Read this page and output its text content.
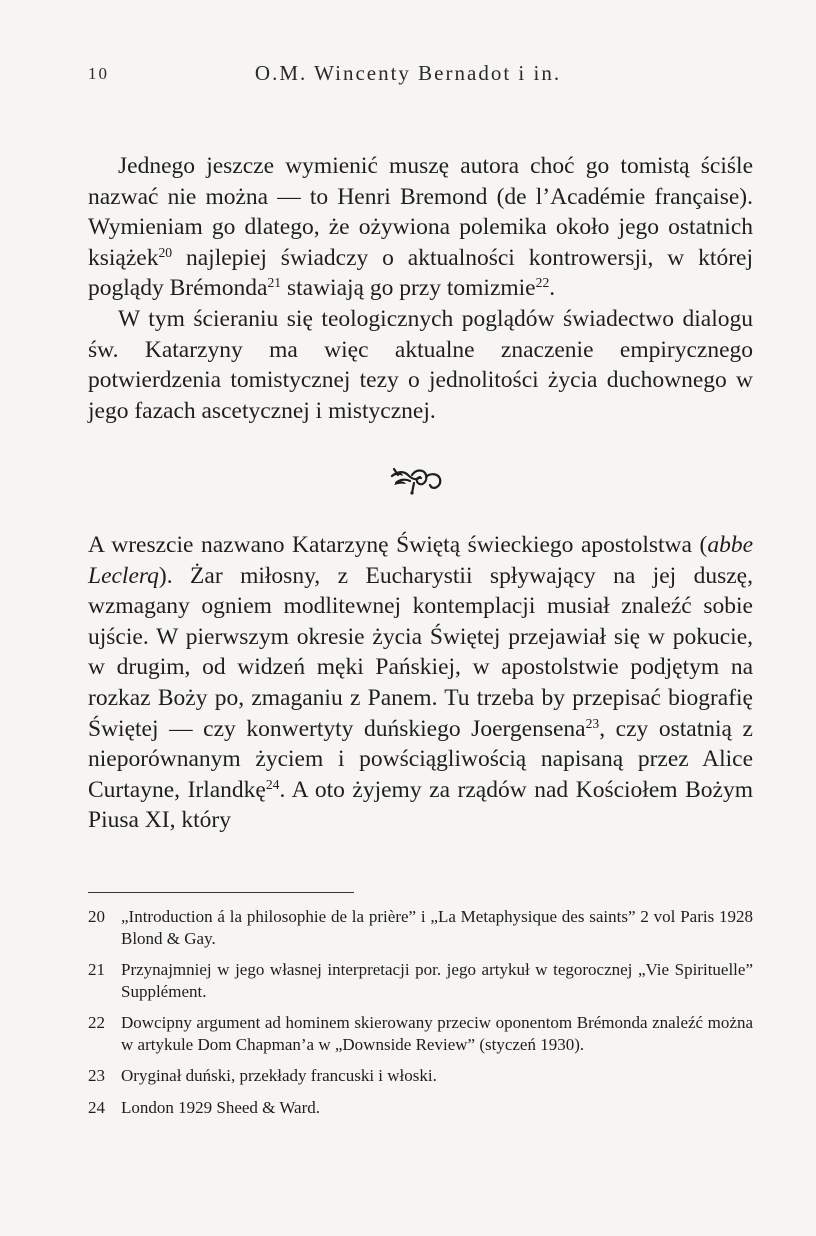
10	O.M. Wincenty Bernadot i in.

Jednego jeszcze wymienić muszę autora choć go tomistą ściśle nazwać nie można — to Henri Bremond (de l’Académie française). Wymieniam go dlatego, że ożywiona polemika około jego ostatnich książek$^{20}$ najlepiej świadczy o aktualności kontrowersji, w której poglądy Brémonda$^{21}$ stawiają go przy tomizmie$^{22}$.

W tym ścieraniu się teologicznych poglądów świadectwo dialogu św. Katarzyny ma więc aktualne znaczenie empirycznego potwierdzenia tomistycznej tezy o jednolitości życia duchownego w jego fazach ascetycznej i mistycznej.

A wreszcie nazwano Katarzynę Świętą świeckiego apostolstwa (abbe Leclerq). Żar miłosny, z Eucharystii spływający na jej duszę, wzmagany ogniem modlitewnej kontemplacji musiał znaleźć sobie ujście. W pierwszym okresie życia Świętej przejawiał się w pokucie, w drugim, od widzeń męki Pańskiej, w apostolstwie podjętym na rozkaz Boży po, zmaganiu z Panem. Tu trzeba by przepisać biografię Świętej — czy konwertyty duńskiego Joergensena$^{23}$, czy ostatnią z nieporównanym życiem i powściągliwością napisaną przez Alice Curtayne, Irlandkę$^{24}$. A oto żyjemy za rządów nad Kościołem Bożym Piusa XI, który

20 „Introduction á la philosophie de la prière” i „La Metaphysique des saints” 2 vol Paris 1928 Blond & Gay.
21 Przynajmniej w jego własnej interpretacji por. jego artykuł w tegorocznej „Vie Spirituelle” Supplément.
22 Dowcipny argument ad hominem skierowany przeciw oponentom Brémonda znaleźć można w artykule Dom Chapman’a w „Downside Review” (styczeń 1930).
23 Oryginał duński, przekłady francuski i włoski.
24 London 1929 Sheed & Ward.
